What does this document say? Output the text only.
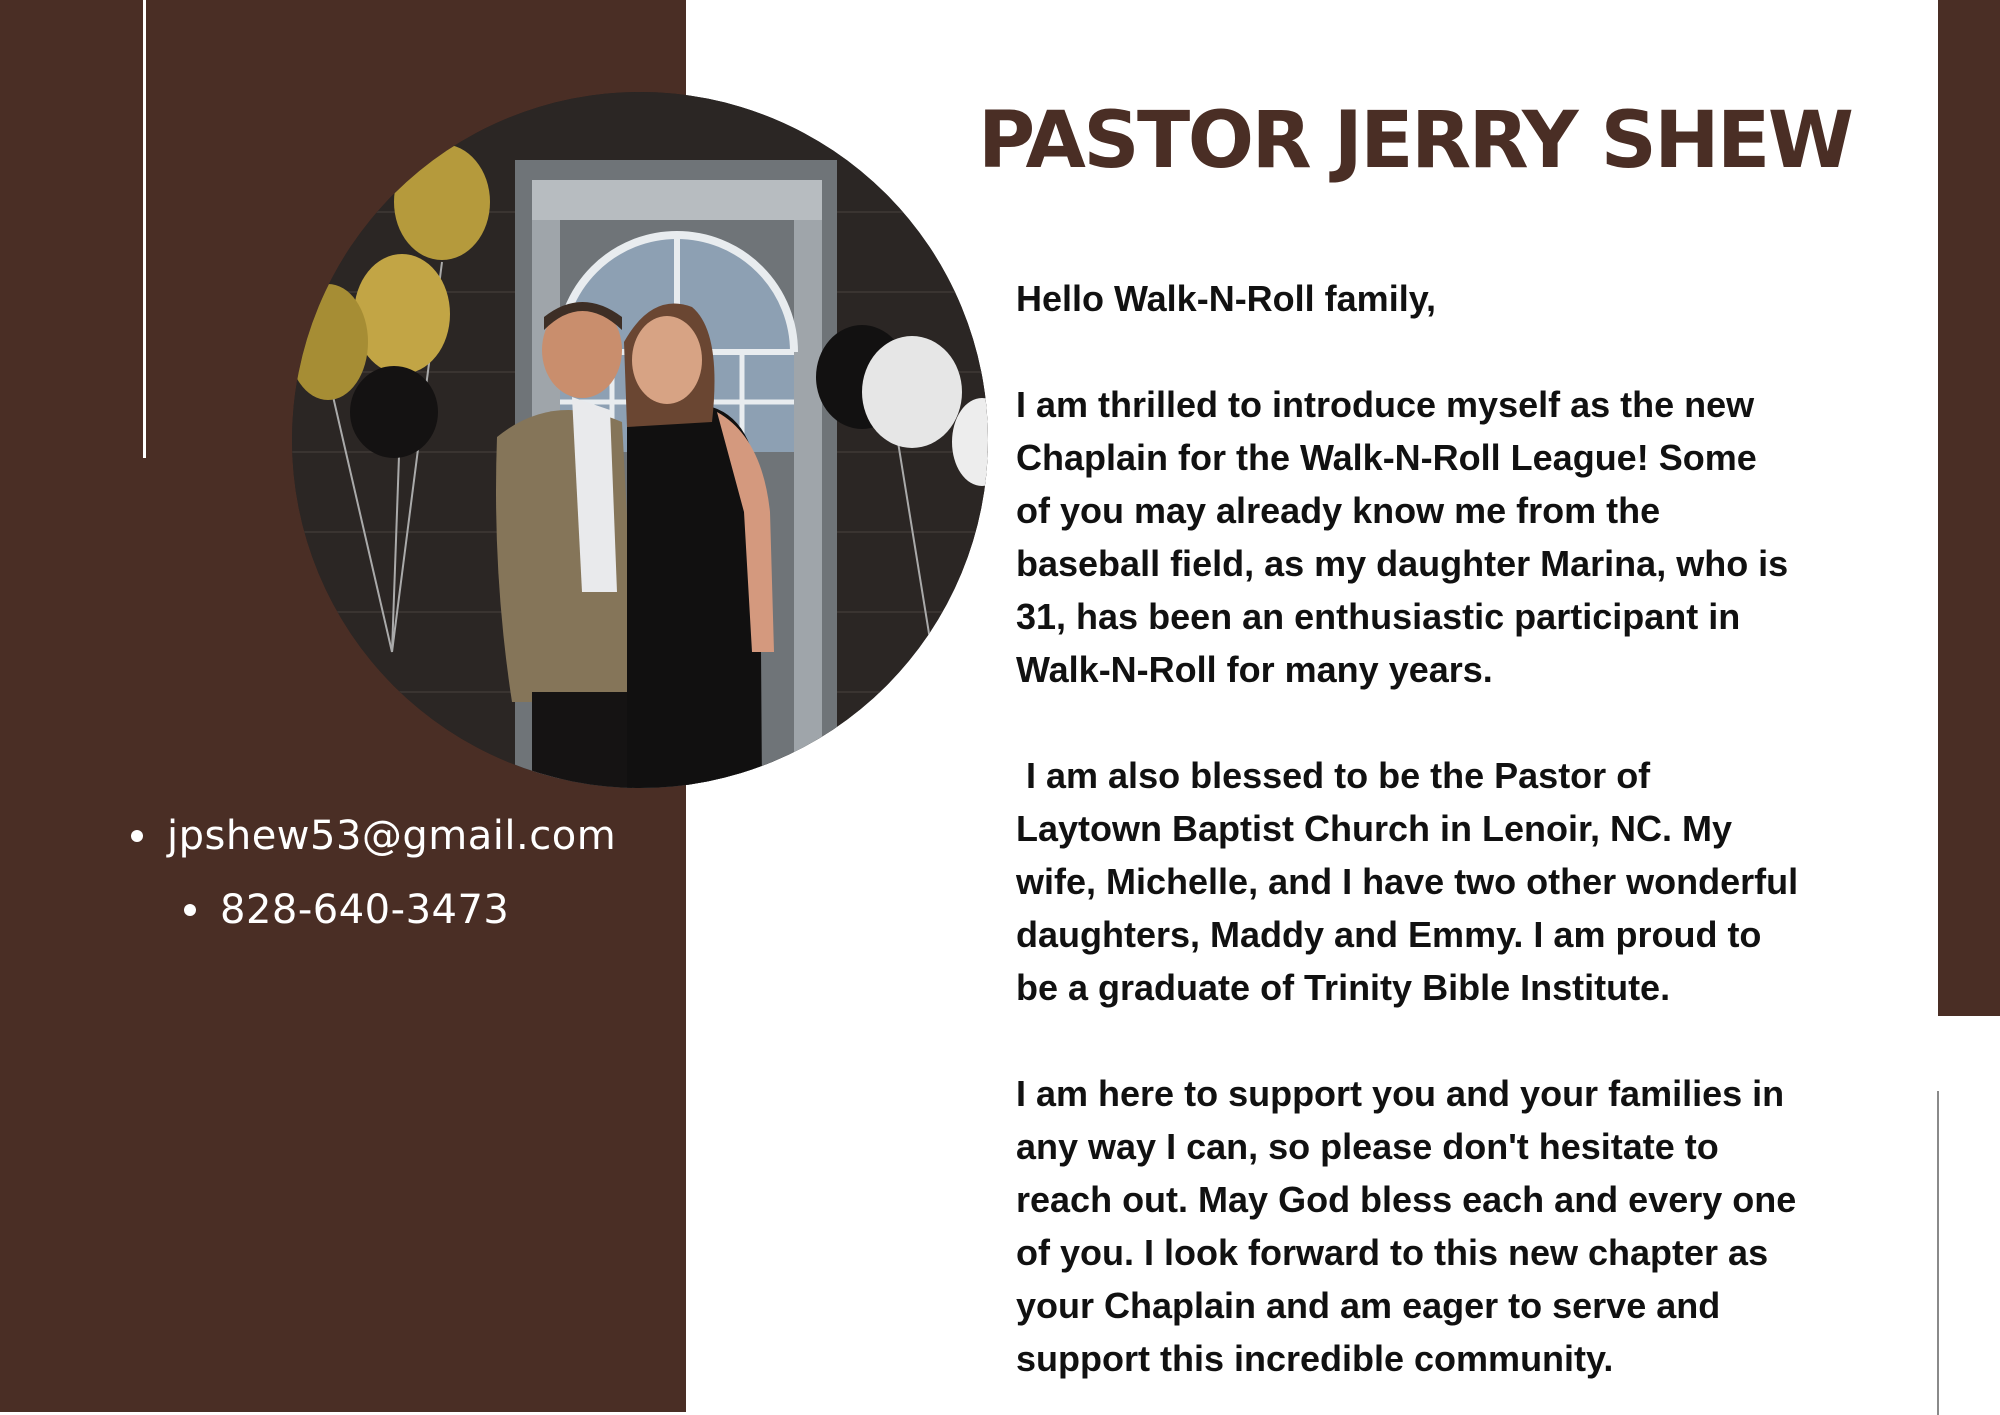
jpshew53@gmail.com
828-640-3473
PASTOR JERRY SHEW

Hello Walk-N-Roll family,

I am thrilled to introduce myself as the new
Chaplain for the Walk-N-Roll League! Some
of you may already know me from the
baseball field, as my daughter Marina, who is
31, has been an enthusiastic participant in
Walk-N-Roll for many years.

I am also blessed to be the Pastor of
Laytown Baptist Church in Lenoir, NC. My
wife, Michelle, and I have two other wonderful
daughters, Maddy and Emmy. I am proud to
be a graduate of Trinity Bible Institute.

I am here to support you and your families in
any way I can, so please don't hesitate to
reach out. May God bless each and every one
of you. I look forward to this new chapter as
your Chaplain and am eager to serve and
support this incredible community.
